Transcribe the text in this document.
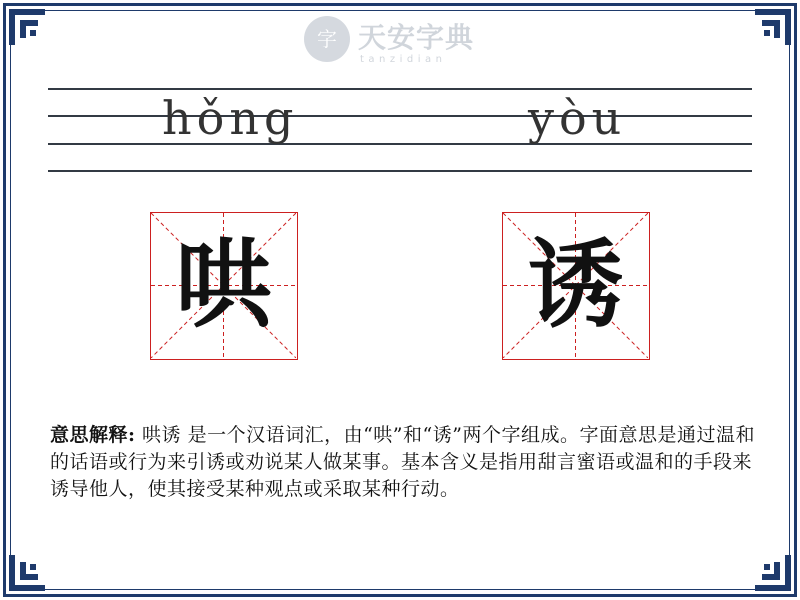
字 天安字典
tanzidian
hǒng	yòu
哄	诱
意思解释: 哄诱 是一个汉语词汇，由“哄”和“诱”两个字组成。字面意思是通过温和的话语或行为来引诱或劝说某人做某事。基本含义是指用甜言蜜语或温和的手段来诱导他人，使其接受某种观点或采取某种行动。
